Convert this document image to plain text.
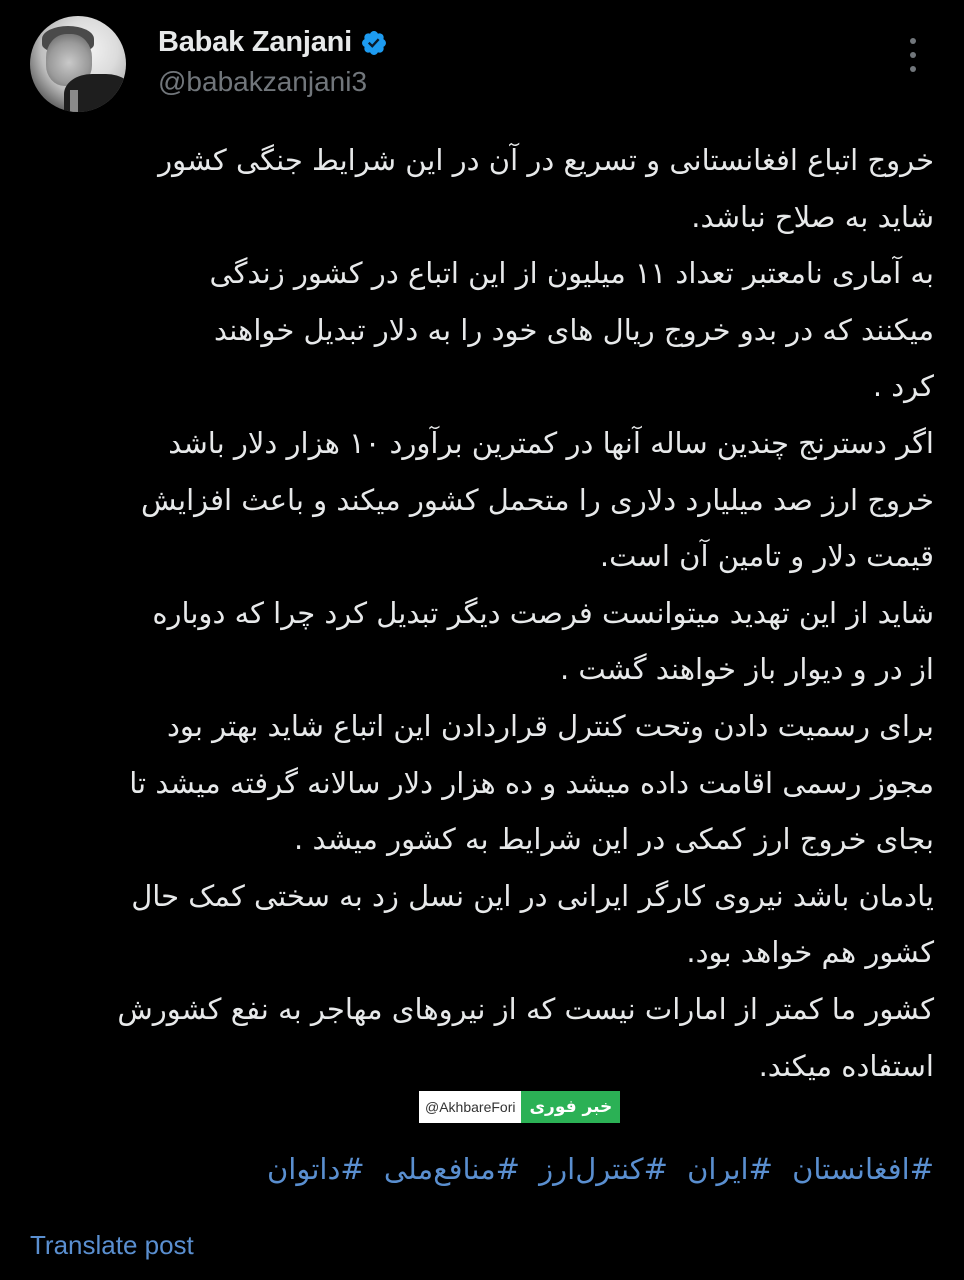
Babak Zanjani
@babakzanjani3

خروج اتباع افغانستانی و تسریع در آن در این شرایط جنگی کشور

شاید به صلاح نباشد.

به آماری نامعتبر تعداد ۱۱ میلیون از این اتباع در کشور زندگی

میکنند که در بدو خروج ریال های خود را به دلار تبدیل خواهند

کرد .

اگر دسترنج چندین ساله آنها در کمترین برآورد ۱۰ هزار دلار باشد

خروج ارز صد میلیارد دلاری را متحمل کشور میکند و باعث افزایش

قیمت دلار و تامین آن است.

شاید از این تهدید میتوانست فرصت دیگر تبدیل کرد چرا که دوباره

از در و دیوار باز خواهند گشت .

برای رسمیت دادن وتحت کنترل قراردادن این اتباع شاید بهتر بود

مجوز رسمی اقامت داده میشد و ده هزار دلار سالانه گرفته میشد تا

بجای خروج ارز کمکی در این شرایط به کشور میشد .

یادمان باشد نیروی کارگر ایرانی در این نسل زد به سختی کمک حال

کشور هم خواهد بود.

کشور ما کمتر از امارات نیست که از نیروهای مهاجر به نفع کشورش

استفاده میکند.

@AkhbareFori خبر فوری
#افغانستان #ایران #کنترل‌ارز #منافع‌ملی #داتوان
Translate post
